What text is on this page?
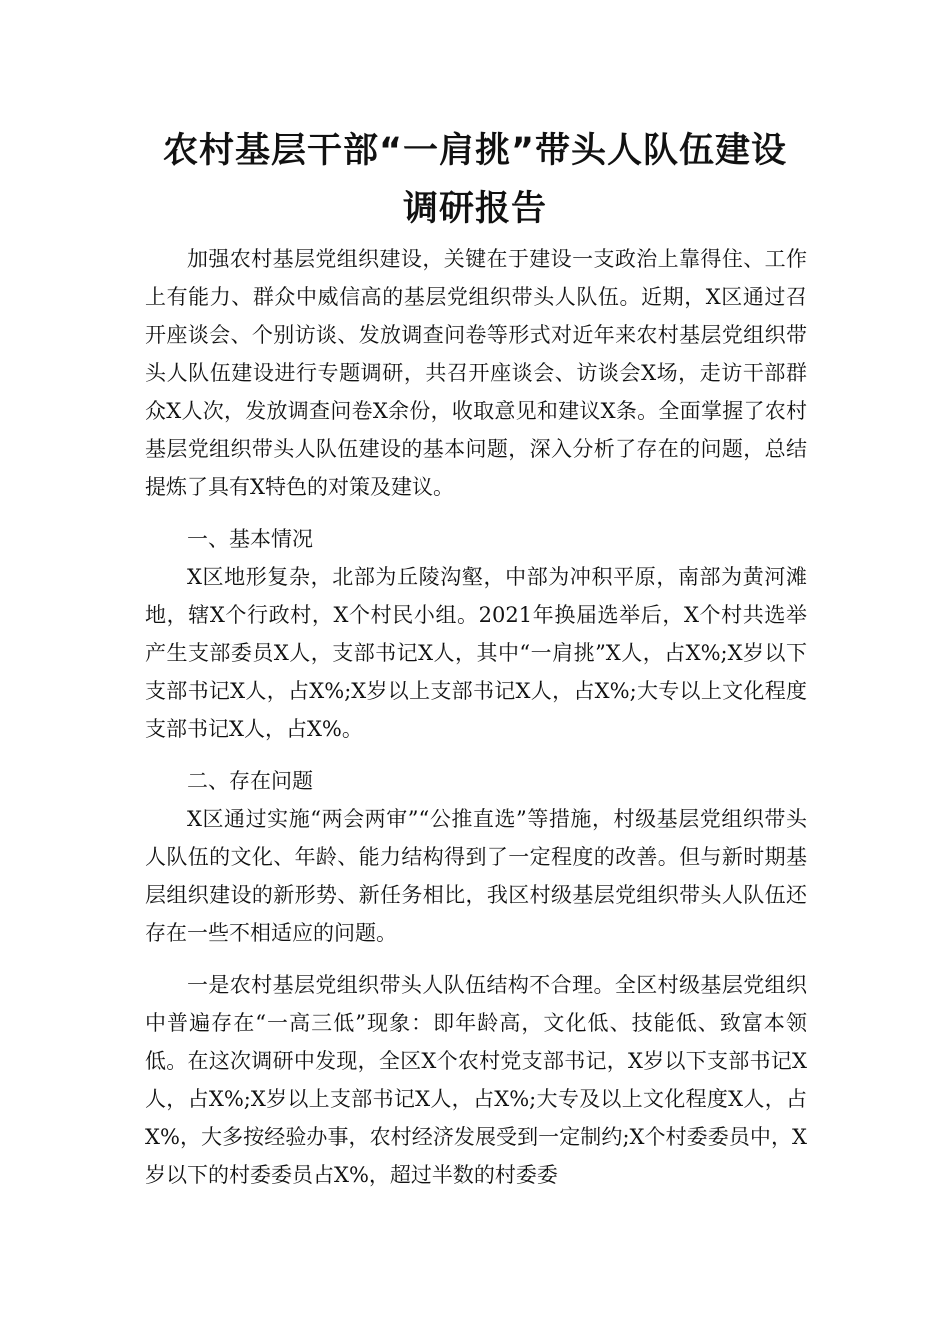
农村基层干部“一肩挑”带头人队伍建设
调研报告

加强农村基层党组织建设，关键在于建设一支政治上靠得住、工作上有能力、群众中威信高的基层党组织带头人队伍。近期，X区通过召开座谈会、个别访谈、发放调查问卷等形式对近年来农村基层党组织带头人队伍建设进行专题调研，共召开座谈会、访谈会X场，走访干部群众X人次，发放调查问卷X余份，收取意见和建议X条。全面掌握了农村基层党组织带头人队伍建设的基本问题，深入分析了存在的问题，总结提炼了具有X特色的对策及建议。

一、基本情况

X区地形复杂，北部为丘陵沟壑，中部为冲积平原，南部为黄河滩地，辖X个行政村，X个村民小组。2021年换届选举后，X个村共选举产生支部委员X人，支部书记X人，其中“一肩挑”X人，占X%;X岁以下支部书记X人，占X%;X岁以上支部书记X人，占X%;大专以上文化程度支部书记X人，占X%。

二、存在问题

X区通过实施“两会两审”“公推直选”等措施，村级基层党组织带头人队伍的文化、年龄、能力结构得到了一定程度的改善。但与新时期基层组织建设的新形势、新任务相比，我区村级基层党组织带头人队伍还存在一些不相适应的问题。

一是农村基层党组织带头人队伍结构不合理。全区村级基层党组织中普遍存在“一高三低”现象：即年龄高，文化低、技能低、致富本领低。在这次调研中发现，全区X个农村党支部书记，X岁以下支部书记X人，占X%;X岁以上支部书记X人，占X%;大专及以上文化程度X人，占X%，大多按经验办事，农村经济发展受到一定制约;X个村委委员中，X岁以下的村委委员占X%，超过半数的村委委
